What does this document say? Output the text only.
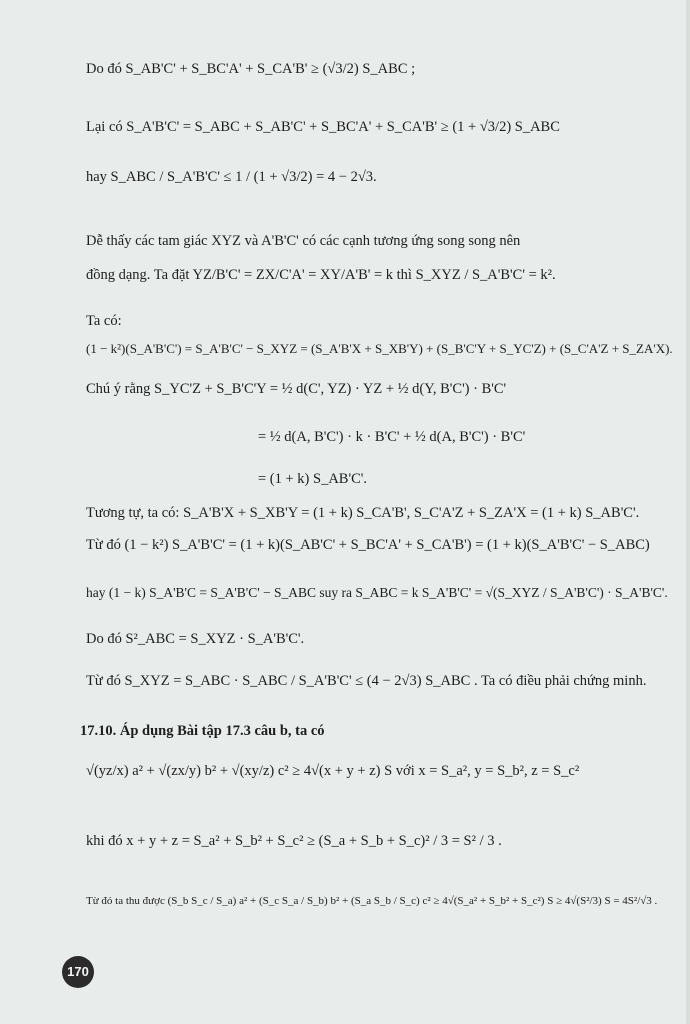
Do đó S_AB'C' + S_BC'A' + S_CA'B' ≥ (√3/2) S_ABC ;
Lại có S_A'B'C' = S_ABC + S_AB'C' + S_BC'A' + S_CA'B' ≥ (1 + √3/2) S_ABC
hay S_ABC / S_A'B'C' ≤ 1 / (1 + √3/2) = 4 − 2√3.
Dễ thấy các tam giác XYZ và A'B'C' có các cạnh tương ứng song song nên
đồng dạng. Ta đặt YZ/B'C' = ZX/C'A' = XY/A'B' = k thì S_XYZ / S_A'B'C' = k².
Ta có:
(1 − k²)(S_A'B'C') = S_A'B'C' − S_XYZ = (S_A'B'X + S_XB'Y) + (S_B'C'Y + S_YC'Z) + (S_C'A'Z + S_ZA'X).
Chú ý rằng S_YC'Z + S_B'C'Y = ½ d(C', YZ) · YZ + ½ d(Y, B'C') · B'C'
= ½ d(A, B'C') · k · B'C' + ½ d(A, B'C') · B'C'
= (1 + k) S_AB'C'.
Tương tự, ta có: S_A'B'X + S_XB'Y = (1 + k) S_CA'B', S_C'A'Z + S_ZA'X = (1 + k) S_AB'C'.
Từ đó (1 − k²) S_A'B'C' = (1 + k)(S_AB'C' + S_BC'A' + S_CA'B') = (1 + k)(S_A'B'C' − S_ABC)
hay (1 − k) S_A'B'C = S_A'B'C' − S_ABC suy ra S_ABC = k S_A'B'C' = √(S_XYZ / S_A'B'C') · S_A'B'C'.
Do đó S²_ABC = S_XYZ · S_A'B'C'.
Từ đó S_XYZ = S_ABC · S_ABC / S_A'B'C' ≤ (4 − 2√3) S_ABC . Ta có điều phải chứng minh.
17.10. Áp dụng Bài tập 17.3 câu b, ta có
√(yz/x) a² + √(zx/y) b² + √(xy/z) c² ≥ 4√(x + y + z) S với x = S_a², y = S_b², z = S_c²
khi đó x + y + z = S_a² + S_b² + S_c² ≥ (S_a + S_b + S_c)² / 3 = S² / 3 .
Từ đó ta thu được (S_b S_c / S_a) a² + (S_c S_a / S_b) b² + (S_a S_b / S_c) c² ≥ 4√(S_a² + S_b² + S_c²) S ≥ 4√(S²/3) S = 4S²/√3 .
170
